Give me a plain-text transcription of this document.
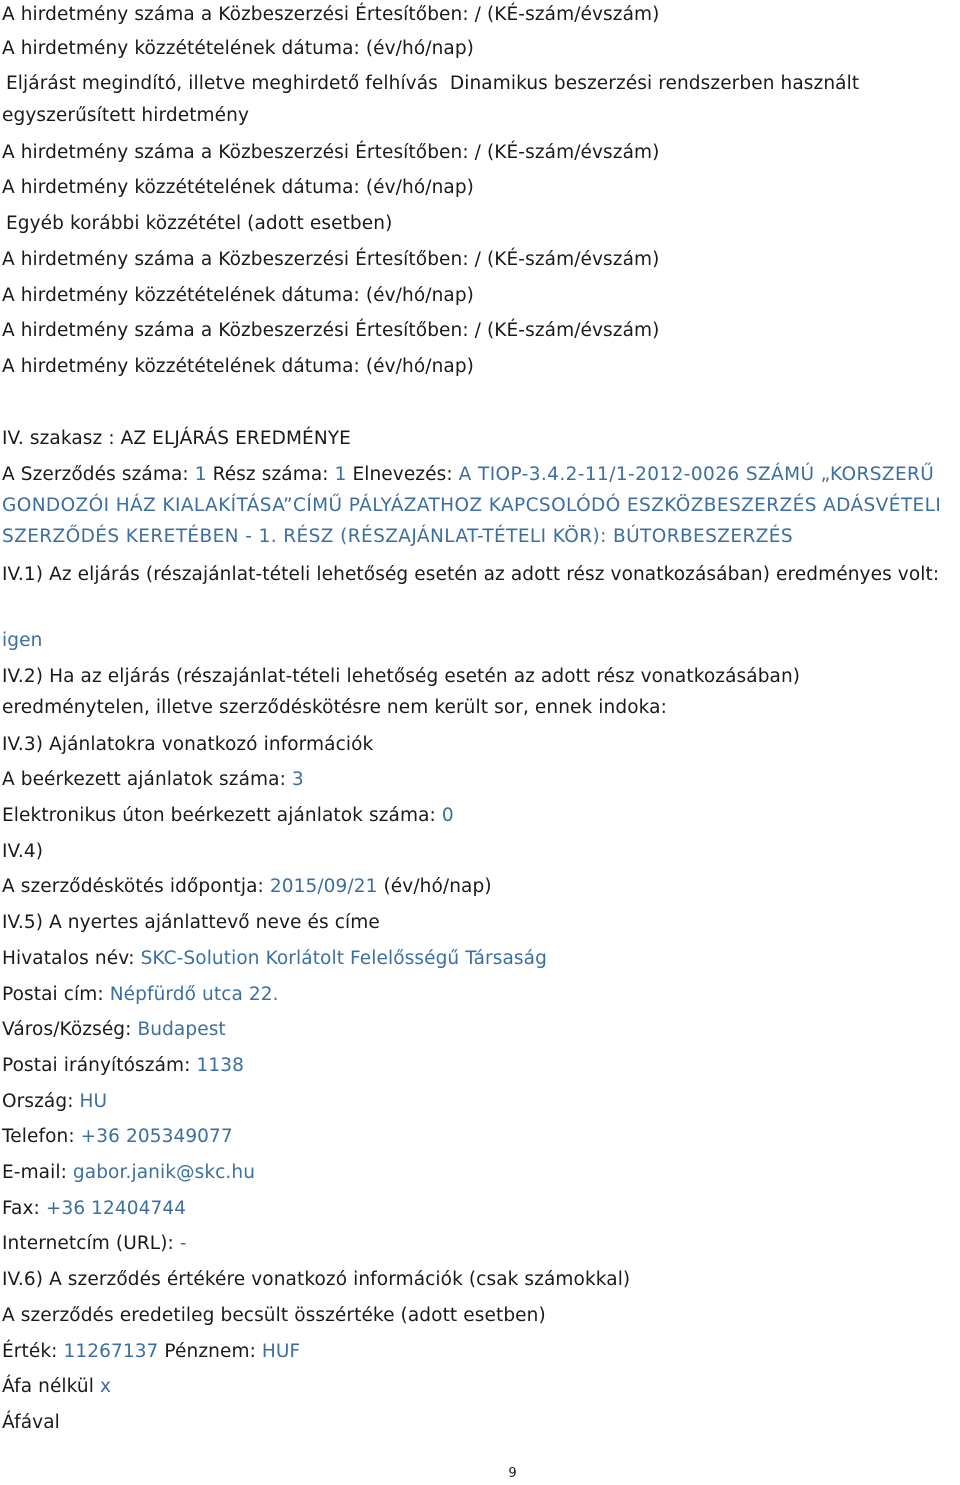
A hirdetmény száma a Közbeszerzési Értesítőben: / (KÉ-szám/évszám)
A hirdetmény közzétételének dátuma: (év/hó/nap)
Eljárást megindító, illetve meghirdető felhívás Dinamikus beszerzési rendszerben használt
egyszerűsített hirdetmény
A hirdetmény száma a Közbeszerzési Értesítőben: / (KÉ-szám/évszám)
A hirdetmény közzétételének dátuma: (év/hó/nap)
Egyéb korábbi közzététel (adott esetben)
A hirdetmény száma a Közbeszerzési Értesítőben: / (KÉ-szám/évszám)
A hirdetmény közzétételének dátuma: (év/hó/nap)
A hirdetmény száma a Közbeszerzési Értesítőben: / (KÉ-szám/évszám)
A hirdetmény közzétételének dátuma: (év/hó/nap)
IV. szakasz : AZ ELJÁRÁS EREDMÉNYE
A Szerződés száma: 1 Rész száma: 1 Elnevezés: A TIOP-3.4.2-11/1-2012-0026 SZÁMÚ „KORSZERŰ GONDOZÓI HÁZ KIALAKÍTÁSA”CÍMŰ PÁLYÁZATHOZ KAPCSOLÓDÓ ESZKÖZBESZERZÉS ADÁSVÉTELI SZERZŐDÉS KERETÉBEN - 1. RÉSZ (RÉSZAJÁNLAT-TÉTELI KÖR): BÚTORBESZERZÉS
IV.1) Az eljárás (részajánlat-tételi lehetőség esetén az adott rész vonatkozásában) eredményes volt:
igen
IV.2) Ha az eljárás (részajánlat-tételi lehetőség esetén az adott rész vonatkozásában) eredménytelen, illetve szerződéskötésre nem került sor, ennek indoka:
IV.3) Ajánlatokra vonatkozó információk
A beérkezett ajánlatok száma: 3
Elektronikus úton beérkezett ajánlatok száma: 0
IV.4)
A szerződéskötés időpontja: 2015/09/21 (év/hó/nap)
IV.5) A nyertes ajánlattevő neve és címe
Hivatalos név: SKC-Solution Korlátolt Felelősségű Társaság
Postai cím: Népfürdő utca 22.
Város/Község: Budapest
Postai irányítószám: 1138
Ország: HU
Telefon: +36 205349077
E-mail: gabor.janik@skc.hu
Fax: +36 12404744
Internetcím (URL): -
IV.6) A szerződés értékére vonatkozó információk (csak számokkal)
A szerződés eredetileg becsült összértéke (adott esetben)
Érték: 11267137 Pénznem: HUF
Áfa nélkül x
Áfával
9
